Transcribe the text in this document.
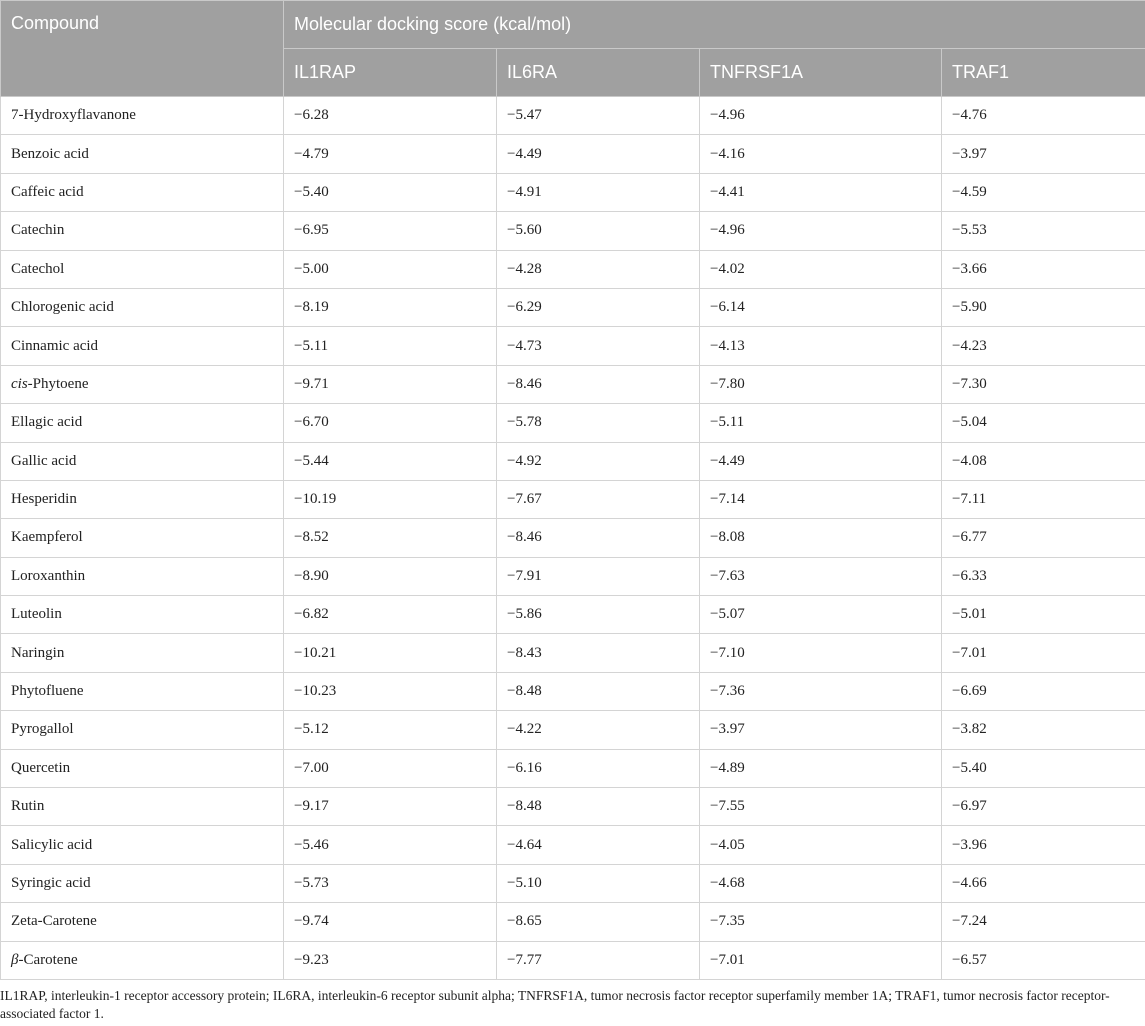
Compound	Molecular docking score (kcal/mol)			
	IL1RAP	IL6RA	TNFRSF1A	TRAF1
7-Hydroxyflavanone	−6.28	−5.47	−4.96	−4.76
Benzoic acid	−4.79	−4.49	−4.16	−3.97
Caffeic acid	−5.40	−4.91	−4.41	−4.59
Catechin	−6.95	−5.60	−4.96	−5.53
Catechol	−5.00	−4.28	−4.02	−3.66
Chlorogenic acid	−8.19	−6.29	−6.14	−5.90
Cinnamic acid	−5.11	−4.73	−4.13	−4.23
cis-Phytoene	−9.71	−8.46	−7.80	−7.30
Ellagic acid	−6.70	−5.78	−5.11	−5.04
Gallic acid	−5.44	−4.92	−4.49	−4.08
Hesperidin	−10.19	−7.67	−7.14	−7.11
Kaempferol	−8.52	−8.46	−8.08	−6.77
Loroxanthin	−8.90	−7.91	−7.63	−6.33
Luteolin	−6.82	−5.86	−5.07	−5.01
Naringin	−10.21	−8.43	−7.10	−7.01
Phytofluene	−10.23	−8.48	−7.36	−6.69
Pyrogallol	−5.12	−4.22	−3.97	−3.82
Quercetin	−7.00	−6.16	−4.89	−5.40
Rutin	−9.17	−8.48	−7.55	−6.97
Salicylic acid	−5.46	−4.64	−4.05	−3.96
Syringic acid	−5.73	−5.10	−4.68	−4.66
Zeta-Carotene	−9.74	−8.65	−7.35	−7.24
β-Carotene	−9.23	−7.77	−7.01	−6.57

IL1RAP, interleukin-1 receptor accessory protein; IL6RA, interleukin-6 receptor subunit alpha; TNFRSF1A, tumor necrosis factor receptor superfamily member 1A; TRAF1, tumor necrosis factor receptor-associated factor 1.
